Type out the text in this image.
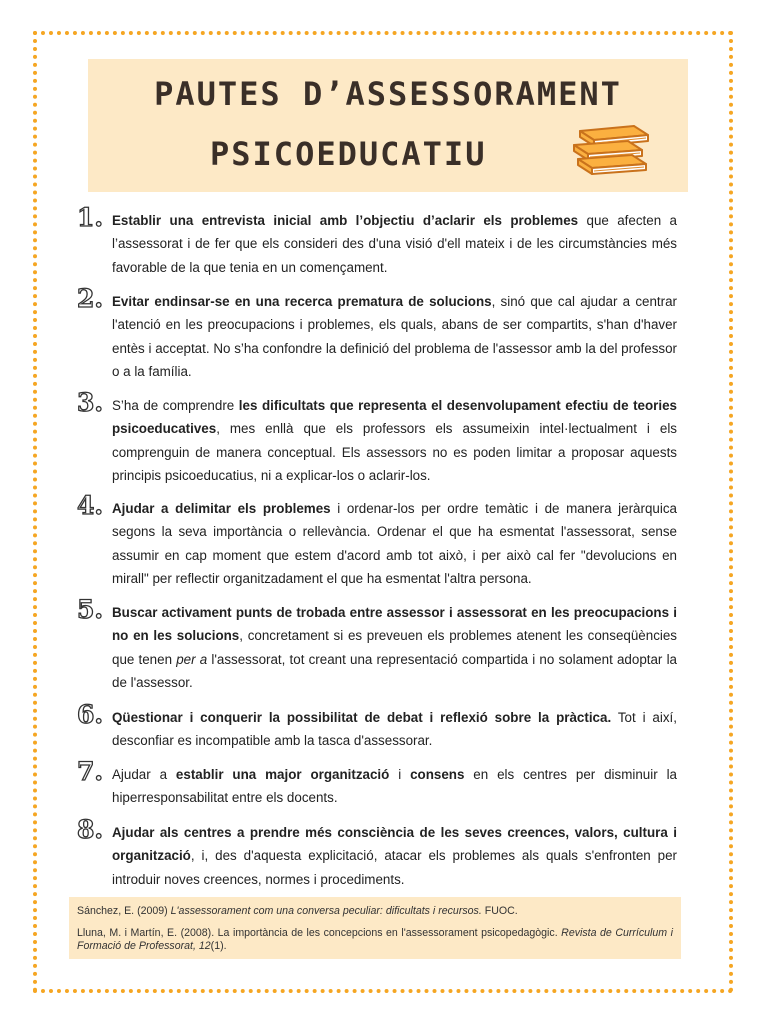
PAUTES D’ASSESSORAMENT
PSICOEDUCATIU
1. Establir una entrevista inicial amb l’objectiu d’aclarir els problemes que afecten a l’assessorat i de fer que els consideri des d'una visió d'ell mateix i de les circumstàncies més favorable de la que tenia en un començament.
2. Evitar endinsar-se en una recerca prematura de solucions, sinó que cal ajudar a centrar l'atenció en les preocupacions i problemes, els quals, abans de ser compartits, s'han d'haver entès i acceptat. No s’ha confondre la definició del problema de l'assessor amb la del professor o a la família.
3. S’ha de comprendre les dificultats que representa el desenvolupament efectiu de teories psicoeducatives, mes enllà que els professors els assumeixin intel·lectualment i els comprenguin de manera conceptual. Els assessors no es poden limitar a proposar aquests principis psicoeducatius, ni a explicar-los o aclarir-los.
4. Ajudar a delimitar els problemes i ordenar-los per ordre temàtic i de manera jeràrquica segons la seva importància o rellevància. Ordenar el que ha esmentat l'assessorat, sense assumir en cap moment que estem d'acord amb tot això, i per això cal fer "devolucions en mirall" per reflectir organitzadament el que ha esmentat l'altra persona.
5. Buscar activament punts de trobada entre assessor i assessorat en les preocupacions i no en les solucions, concretament si es preveuen els problemes atenent les conseqüències que tenen per a l'assessorat, tot creant una representació compartida i no solament adoptar la de l'assessor.
6. Qüestionar i conquerir la possibilitat de debat i reflexió sobre la pràctica. Tot i així, desconfiar es incompatible amb la tasca d'assessorar.
7. Ajudar a establir una major organització i consens en els centres per disminuir la hiperresponsabilitat entre els docents.
8. Ajudar als centres a prendre més consciència de les seves creences, valors, cultura i organització, i, des d'aquesta explicitació, atacar els problemes als quals s'enfronten per introduir noves creences, normes i procediments.

Sánchez, E. (2009) L'assessorament com una conversa peculiar: dificultats i recursos. FUOC.

Lluna, M. i Martín, E. (2008). La importància de les concepcions en l'assessorament psicopedagògic. Revista de Currículum i Formació de Professorat, 12(1).
